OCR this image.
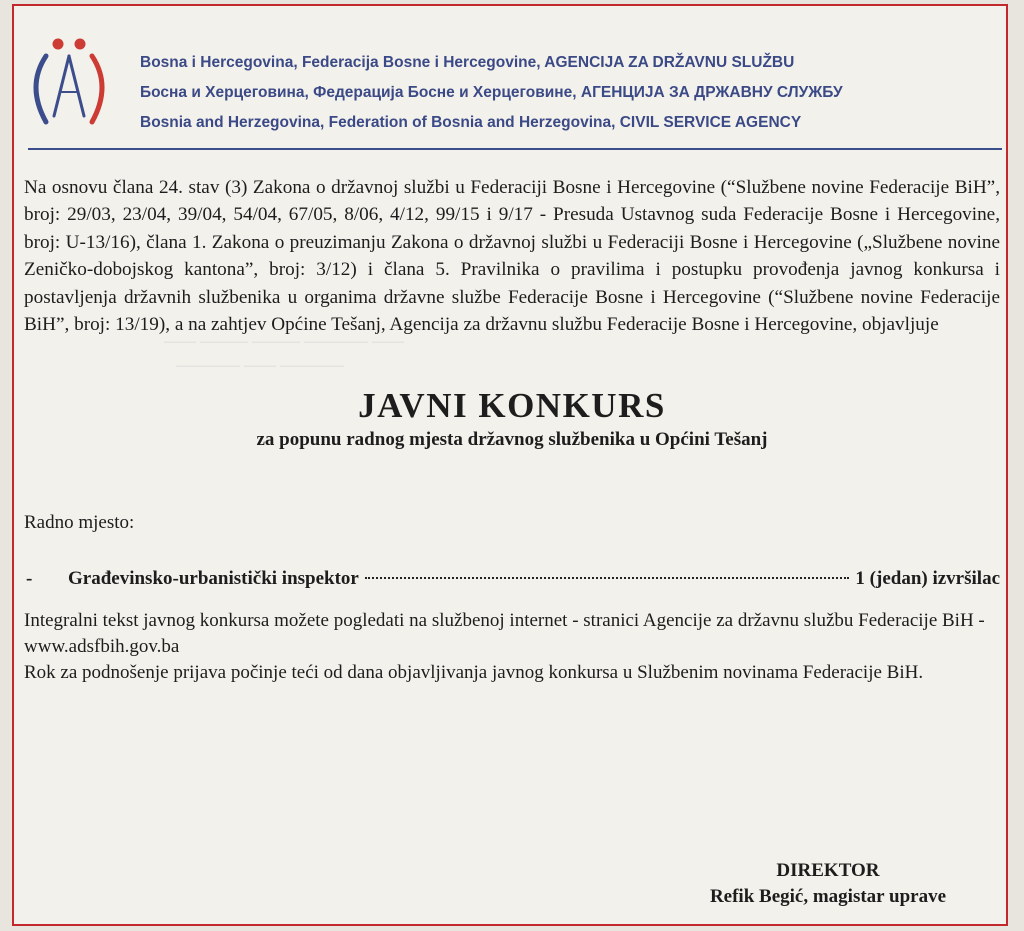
—— ——— ——— ———— ——
———— —— ————

Bosna i Hercegovina, Federacija Bosne i Hercegovine, AGENCIJA ZA DRŽAVNU SLUŽBU
Босна и Херцеговина, Федерација Босне и Херцеговине, АГЕНЦИЈА ЗА ДРЖАВНУ СЛУЖБУ
Bosnia and Herzegovina, Federation of Bosnia and Herzegovina, CIVIL SERVICE AGENCY

Na osnovu člana 24. stav (3) Zakona o državnoj službi u Federaciji Bosne i Hercegovine (“Službene novine Federacije BiH”, broj: 29/03, 23/04, 39/04, 54/04, 67/05, 8/06, 4/12, 99/15 i 9/17 - Presuda Ustavnog suda Federacije Bosne i Hercegovine, broj: U-13/16), člana 1. Zakona o preuzimanju Zakona o državnoj službi u Federaciji Bosne i Hercegovine („Službene novine Zeničko-dobojskog kantona”, broj: 3/12) i člana 5. Pravilnika o pravilima i postupku provođenja javnog konkursa i postavljenja državnih službenika u organima državne službe Federacije Bosne i Hercegovine (“Službene novine Federacije BiH”, broj: 13/19), a na zahtjev Općine Tešanj, Agencija za državnu službu Federacije Bosne i Hercegovine, objavljuje

JAVNI KONKURS
za popunu radnog mjesta državnog službenika u Općini Tešanj
Radno mjesto:
-	Građevinsko-urbanistički inspektor	1 (jedan) izvršilac

Integralni tekst javnog konkursa možete pogledati na službenoj internet - stranici Agencije za državnu službu Federacije BiH - www.adsfbih.gov.ba

Rok za podnošenje prijava počinje teći od dana objavljivanja javnog konkursa u Službenim novinama Federacije BiH.

DIREKTOR
Refik Begić, magistar uprave
